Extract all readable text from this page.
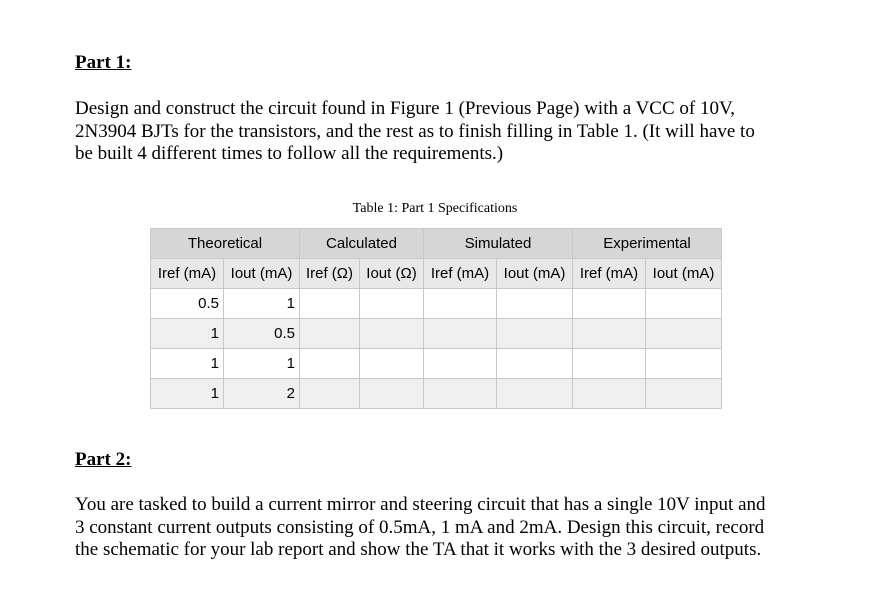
Part 1:

Design and construct the circuit found in Figure 1 (Previous Page) with a VCC of 10V,
2N3904 BJTs for the transistors, and the rest as to finish filling in Table 1. (It will have to
be built 4 different times to follow all the requirements.)

Table 1: Part 1 Specifications

Theoretical		Calculated		Simulated		Experimental	
Iref (mA)	Iout (mA)	Iref (Ω)	Iout (Ω)	Iref (mA)	Iout (mA)	Iref (mA)	Iout (mA)
0.5	1						
1	0.5						
1	1						
1	2						
Part 2:

You are tasked to build a current mirror and steering circuit that has a single 10V input and
3 constant current outputs consisting of 0.5mA, 1 mA and 2mA. Design this circuit, record
the schematic for your lab report and show the TA that it works with the 3 desired outputs.
